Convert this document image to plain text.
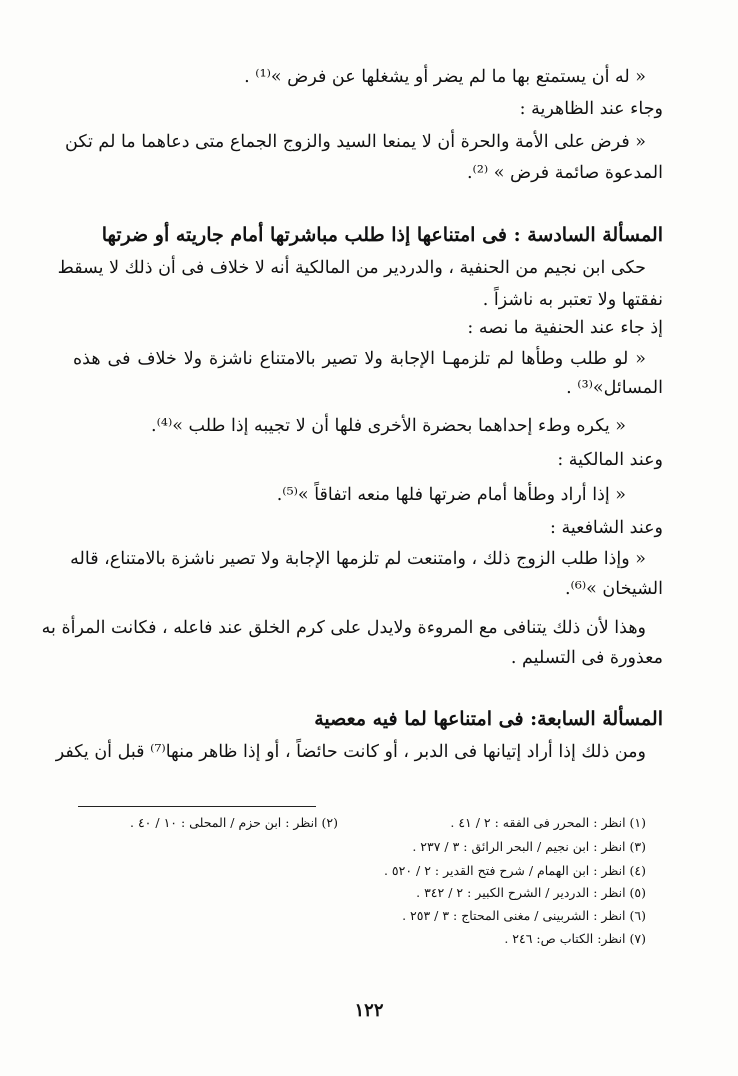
« له أن يستمتع بها ما لم يضر أو يشغلها عن فرض »⁽¹⁾ .
وجاء عند الظاهرية :
« فرض على الأمة والحرة أن لا يمنعا السيد والزوج الجماع متى دعاهما ما لم تكن
المدعوة صائمة فرض » ⁽²⁾.
المسألة السادسة : فى امتناعها إذا طلب مباشرتها أمام جاريته أو ضرتها
حكى ابن نجيم من الحنفية ، والدردير من المالكية أنه لا خلاف فى أن ذلك لا يسقط
نفقتها ولا تعتبر به ناشزاً .
إذ جاء عند الحنفية ما نصه :
« لو طلب وطأها لم تلزمهـا الإجابة ولا تصير بالامتناع ناشزة ولا خلاف فى هذه
المسائل»⁽³⁾ .
« يكره وطء إحداهما بحضرة الأخرى فلها أن لا تجيبه إذا طلب »⁽⁴⁾.
وعند المالكية :
« إذا أراد وطأها أمام ضرتها فلها منعه اتفاقاً »⁽⁵⁾.
وعند الشافعية :
« وإذا طلب الزوج ذلك ، وامتنعت لم تلزمها الإجابة ولا تصير ناشزة بالامتناع، قاله
الشيخان »⁽⁶⁾.
وهذا لأن ذلك يتنافى مع المروءة ولايدل على كرم الخلق عند فاعله ، فكانت المرأة به
معذورة فى التسليم .
المسألة السابعة: فى امتناعها لما فيه معصية
ومن ذلك إذا أراد إتيانها فى الدبر ، أو كانت حائضاً ، أو إذا ظاهر منها⁽⁷⁾ قبل أن يكفر
(١) انظر : المحرر فى الفقه : ٢ / ٤١ .
(٢) انظر : ابن حزم / المحلى : ١٠ / ٤٠ .
(٣) انظر : ابن نجيم / البحر الرائق : ٣ / ٢٣٧ .
(٤) انظر : ابن الهمام / شرح فتح القدير : ٢ / ٥٢٠ .
(٥) انظر : الدردير / الشرح الكبير : ٢ / ٣٤٢ .
(٦) انظر : الشربينى / مغنى المحتاج : ٣ / ٢٥٣ .
(٧) انظر: الكتاب ص: ٢٤٦ .
١٢٢
